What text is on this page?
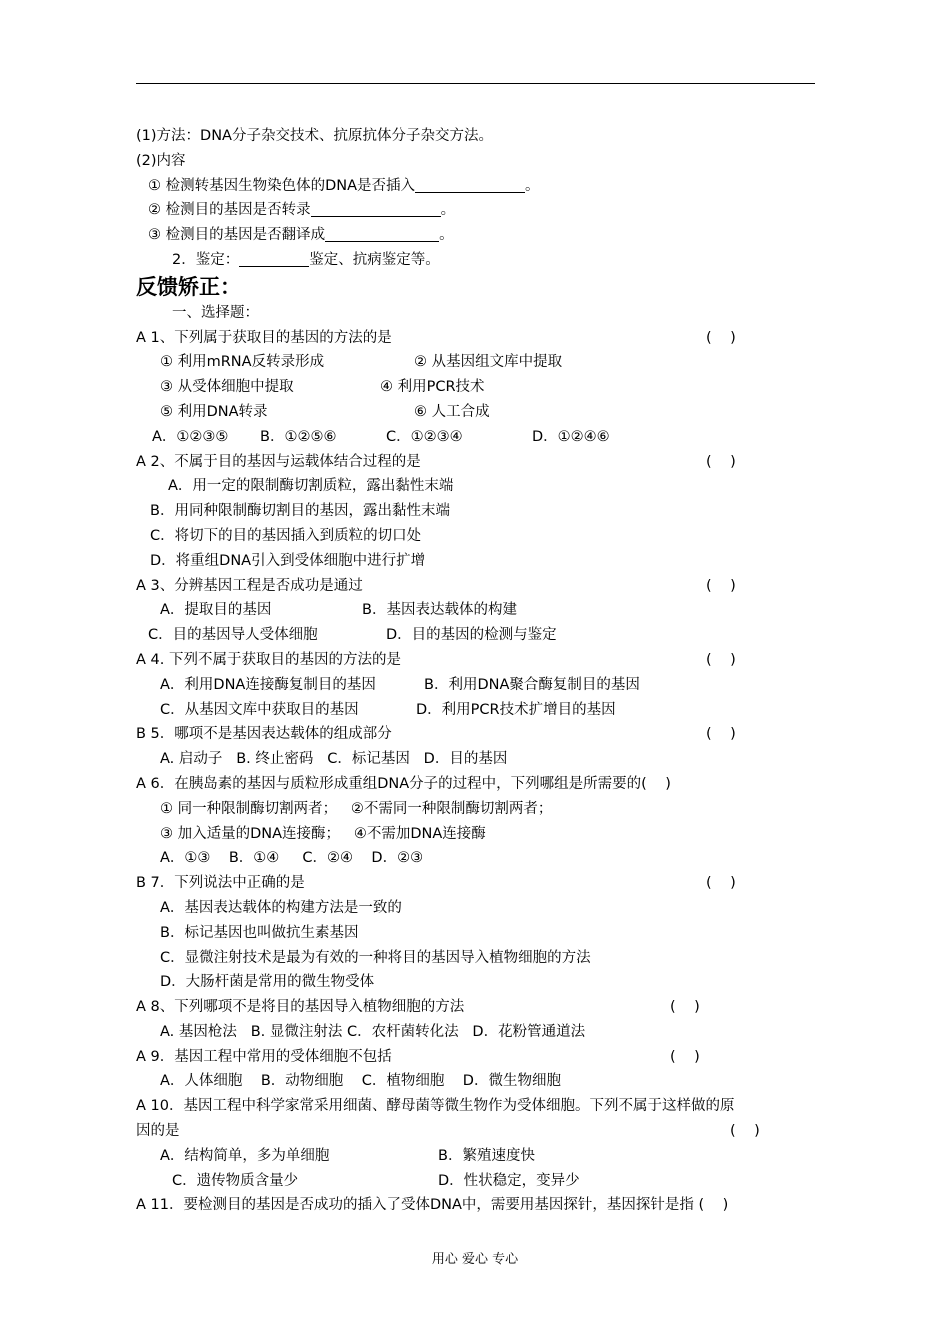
(1)方法：DNA分子杂交技术、抗原抗体分子杂交方法。
(2)内容
① 检测转基因生物染色体的DNA是否插入	。
② 检测目的基因是否转录	。
③ 检测目的基因是否翻译成	。
2．鉴定：	鉴定、抗病鉴定等。
反馈矫正：
一、选择题：
A 1、下列属于获取目的基因的方法的是	(    )
① 利用mRNA反转录形成	② 从基因组文库中提取
③ 从受体细胞中提取	④ 利用PCR技术
⑤ 利用DNA转录	⑥ 人工合成
A．①②③⑤ B．①②⑤⑥	C．①②③④	D．①②④⑥
A 2、不属于目的基因与运载体结合过程的是	(    )
A．用一定的限制酶切割质粒，露出黏性末端
B．用同种限制酶切割目的基因，露出黏性末端
C．将切下的目的基因插入到质粒的切口处
D．将重组DNA引入到受体细胞中进行扩增
A 3、分辨基因工程是否成功是通过	(    )
A．提取目的基因	B．基因表达载体的构建
C．目的基因导人受体细胞	D．目的基因的检测与鉴定
A 4. 下列不属于获取目的基因的方法的是	(    )
A．利用DNA连接酶复制目的基因	B．利用DNA聚合酶复制目的基因
C．从基因文库中获取目的基因	D．利用PCR技术扩增目的基因
B 5．哪项不是基因表达载体的组成部分	(    )
A. 启动子   B. 终止密码   C．标记基因   D．目的基因
A 6．在胰岛素的基因与质粒形成重组DNA分子的过程中，下列哪组是所需要的(    )
① 同一种限制酶切割两者；   ②不需同一种限制酶切割两者；
③ 加入适量的DNA连接酶；   ④不需加DNA连接酶
A．①③    B．①④     C．②④    D．②③
B 7．下列说法中正确的是	(    )
A．基因表达载体的构建方法是一致的
B．标记基因也叫做抗生素基因
C．显微注射技术是最为有效的一种将目的基因导入植物细胞的方法
D．大肠杆菌是常用的微生物受体
A 8、下列哪项不是将目的基因导入植物细胞的方法	(    )
A. 基因枪法   B. 显微注射法 C．农杆菌转化法   D．花粉管通道法
A 9．基因工程中常用的受体细胞不包括	(    )
A．人体细胞    B．动物细胞    C．植物细胞    D．微生物细胞
A 10．基因工程中科学家常采用细菌、酵母菌等微生物作为受体细胞。下列不属于这样做的原
因的是	(    )
A．结构简单，多为单细胞	B．繁殖速度快
C．遗传物质含量少	D．性状稳定，变异少
A 11．要检测目的基因是否成功的插入了受体DNA中，需要用基因探针，基因探针是指 (    )
用心 爱心 专心
